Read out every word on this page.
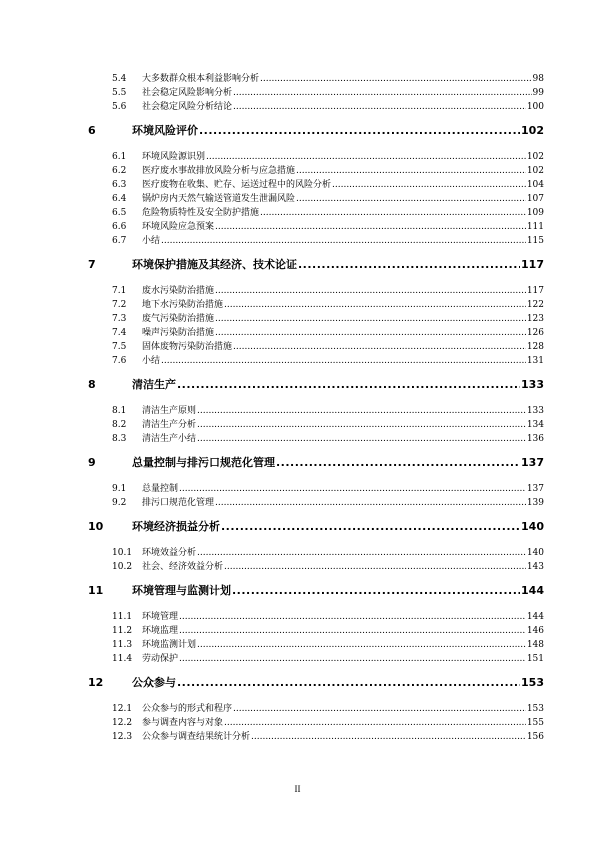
5.4	大多数群众根本利益影响分析 .....	98
5.5	社会稳定风险影响分析 .....	99
5.6	社会稳定风险分析结论 .....	100
6	环境风险评价 .....	102
6.1	环境风险源识别 .....	102
6.2	医疗废水事故排放风险分析与应急措施 .....	102
6.3	医疗废物在收集、贮存、运送过程中的风险分析 .....	104
6.4	锅炉房内天然气输送管道发生泄漏风险 .....	107
6.5	危险物质特性及安全防护措施 .....	109
6.6	环境风险应急预案 .....	111
6.7	小结 .....	115
7	环境保护措施及其经济、技术论证 .....	117
7.1	废水污染防治措施 .....	117
7.2	地下水污染防治措施 .....	122
7.3	废气污染防治措施 .....	123
7.4	噪声污染防治措施 .....	126
7.5	固体废物污染防治措施 .....	128
7.6	小结 .....	131
8	清洁生产 .....	133
8.1	清洁生产原则 .....	133
8.2	清洁生产分析 .....	134
8.3	清洁生产小结 .....	136
9	总量控制与排污口规范化管理 .....	137
9.1	总量控制 .....	137
9.2	排污口规范化管理 .....	139
10	环境经济损益分析 .....	140
10.1	环境效益分析 .....	140
10.2	社会、经济效益分析 .....	143
11	环境管理与监测计划 .....	144
11.1	环境管理 .....	144
11.2	环境监理 .....	146
11.3	环境监测计划 .....	148
11.4	劳动保护 .....	151
12	公众参与 .....	153
12.1	公众参与的形式和程序 .....	153
12.2	参与调查内容与对象 .....	155
12.3	公众参与调查结果统计分析 .....	156
II
